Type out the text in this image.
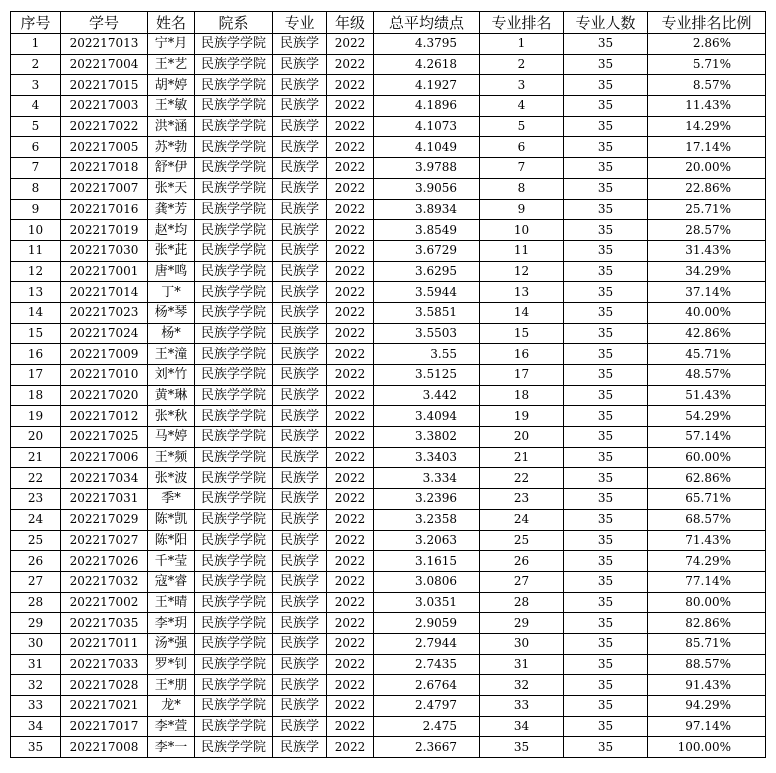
序号	学号	姓名	院系	专业	年级	总平均绩点	专业排名	专业人数	专业排名比例
1	202217013	宁*月	民族学学院	民族学	2022	4.3795	1	35	2.86%
2	202217004	王*艺	民族学学院	民族学	2022	4.2618	2	35	5.71%
3	202217015	胡*婷	民族学学院	民族学	2022	4.1927	3	35	8.57%
4	202217003	王*敏	民族学学院	民族学	2022	4.1896	4	35	11.43%
5	202217022	洪*涵	民族学学院	民族学	2022	4.1073	5	35	14.29%
6	202217005	苏*勃	民族学学院	民族学	2022	4.1049	6	35	17.14%
7	202217018	舒*伊	民族学学院	民族学	2022	3.9788	7	35	20.00%
8	202217007	张*天	民族学学院	民族学	2022	3.9056	8	35	22.86%
9	202217016	龚*芳	民族学学院	民族学	2022	3.8934	9	35	25.71%
10	202217019	赵*均	民族学学院	民族学	2022	3.8549	10	35	28.57%
11	202217030	张*茈	民族学学院	民族学	2022	3.6729	11	35	31.43%
12	202217001	唐*鸣	民族学学院	民族学	2022	3.6295	12	35	34.29%
13	202217014	丁*	民族学学院	民族学	2022	3.5944	13	35	37.14%
14	202217023	杨*琴	民族学学院	民族学	2022	3.5851	14	35	40.00%
15	202217024	杨*	民族学学院	民族学	2022	3.5503	15	35	42.86%
16	202217009	王*潼	民族学学院	民族学	2022	3.55	16	35	45.71%
17	202217010	刘*竹	民族学学院	民族学	2022	3.5125	17	35	48.57%
18	202217020	黄*琳	民族学学院	民族学	2022	3.442	18	35	51.43%
19	202217012	张*秋	民族学学院	民族学	2022	3.4094	19	35	54.29%
20	202217025	马*婷	民族学学院	民族学	2022	3.3802	20	35	57.14%
21	202217006	王*频	民族学学院	民族学	2022	3.3403	21	35	60.00%
22	202217034	张*波	民族学学院	民族学	2022	3.334	22	35	62.86%
23	202217031	季*	民族学学院	民族学	2022	3.2396	23	35	65.71%
24	202217029	陈*凯	民族学学院	民族学	2022	3.2358	24	35	68.57%
25	202217027	陈*阳	民族学学院	民族学	2022	3.2063	25	35	71.43%
26	202217026	千*莹	民族学学院	民族学	2022	3.1615	26	35	74.29%
27	202217032	寇*睿	民族学学院	民族学	2022	3.0806	27	35	77.14%
28	202217002	王*晴	民族学学院	民族学	2022	3.0351	28	35	80.00%
29	202217035	李*玥	民族学学院	民族学	2022	2.9059	29	35	82.86%
30	202217011	汤*强	民族学学院	民族学	2022	2.7944	30	35	85.71%
31	202217033	罗*钊	民族学学院	民族学	2022	2.7435	31	35	88.57%
32	202217028	王*朋	民族学学院	民族学	2022	2.6764	32	35	91.43%
33	202217021	龙*	民族学学院	民族学	2022	2.4797	33	35	94.29%
34	202217017	李*萱	民族学学院	民族学	2022	2.475	34	35	97.14%
35	202217008	李*一	民族学学院	民族学	2022	2.3667	35	35	100.00%
